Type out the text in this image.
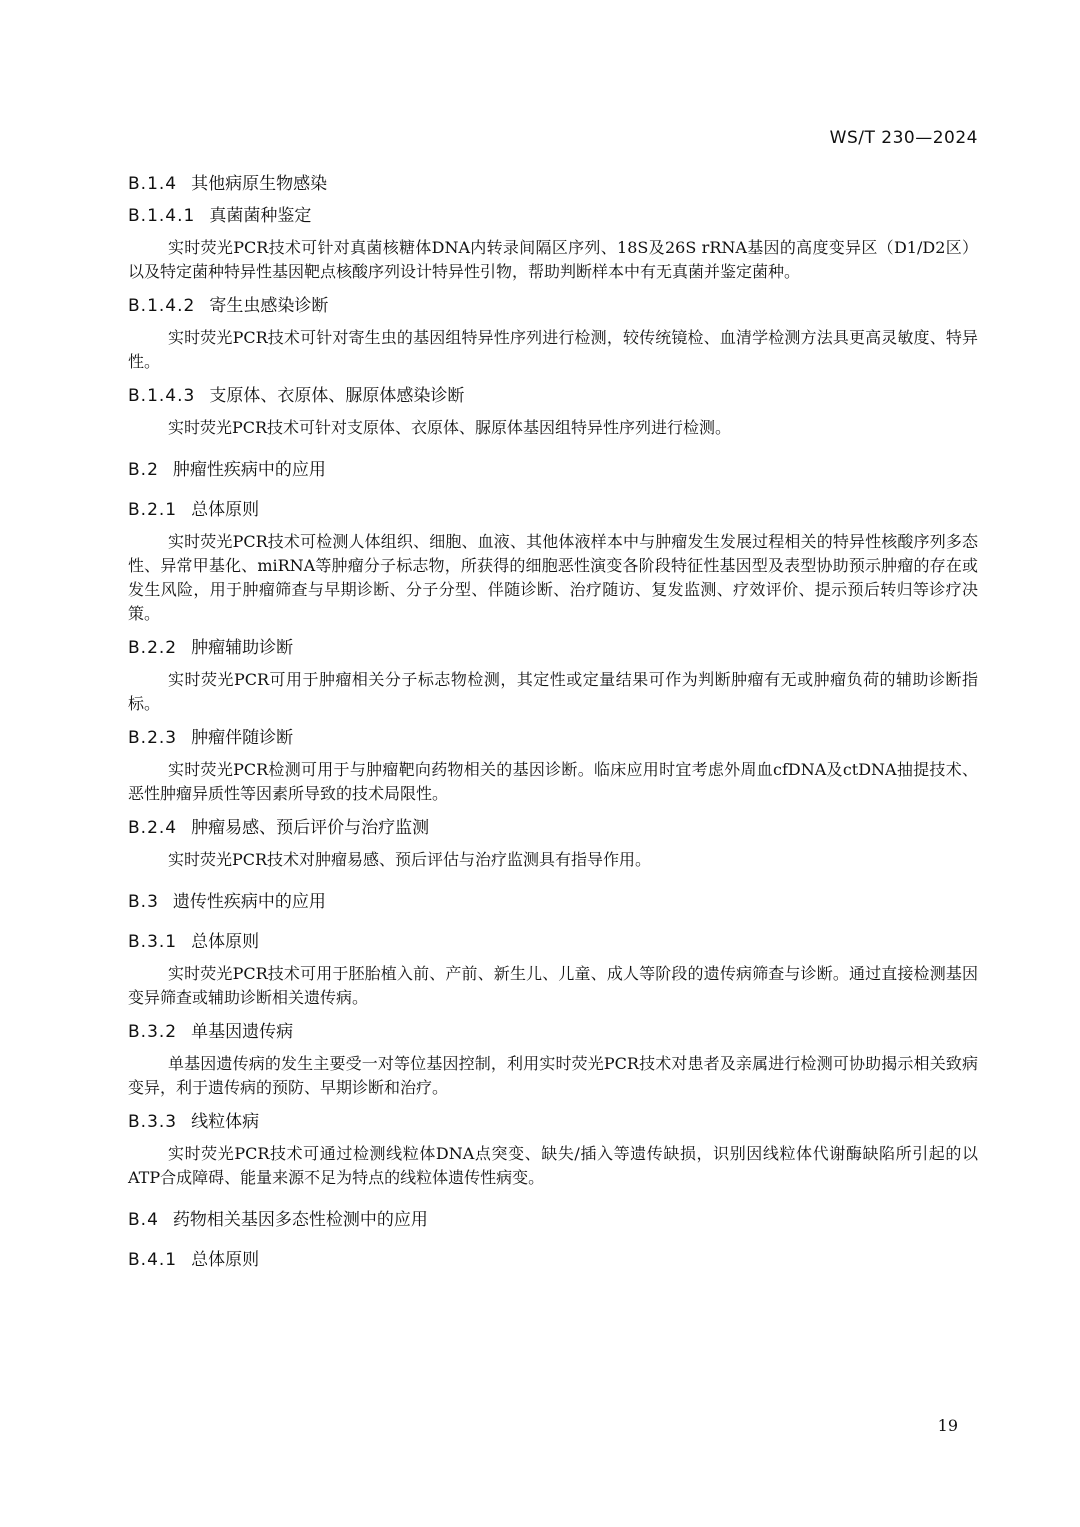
WS/T 230—2024
B.1.4 其他病原生物感染
B.1.4.1 真菌菌种鉴定

实时荧光PCR技术可针对真菌核糖体DNA内转录间隔区序列、18S及26S rRNA基因的高度变异区（D1/D2区）以及特定菌种特异性基因靶点核酸序列设计特异性引物，帮助判断样本中有无真菌并鉴定菌种。

B.1.4.2 寄生虫感染诊断

实时荧光PCR技术可针对寄生虫的基因组特异性序列进行检测，较传统镜检、血清学检测方法具更高灵敏度、特异性。

B.1.4.3 支原体、衣原体、脲原体感染诊断

实时荧光PCR技术可针对支原体、衣原体、脲原体基因组特异性序列进行检测。

B.2 肿瘤性疾病中的应用
B.2.1 总体原则

实时荧光PCR技术可检测人体组织、细胞、血液、其他体液样本中与肿瘤发生发展过程相关的特异性核酸序列多态性、异常甲基化、miRNA等肿瘤分子标志物，所获得的细胞恶性演变各阶段特征性基因型及表型协助预示肿瘤的存在或发生风险，用于肿瘤筛查与早期诊断、分子分型、伴随诊断、治疗随访、复发监测、疗效评价、提示预后转归等诊疗决策。

B.2.2 肿瘤辅助诊断

实时荧光PCR可用于肿瘤相关分子标志物检测，其定性或定量结果可作为判断肿瘤有无或肿瘤负荷的辅助诊断指标。

B.2.3 肿瘤伴随诊断

实时荧光PCR检测可用于与肿瘤靶向药物相关的基因诊断。临床应用时宜考虑外周血cfDNA及ctDNA抽提技术、恶性肿瘤异质性等因素所导致的技术局限性。

B.2.4 肿瘤易感、预后评价与治疗监测

实时荧光PCR技术对肿瘤易感、预后评估与治疗监测具有指导作用。

B.3 遗传性疾病中的应用
B.3.1 总体原则

实时荧光PCR技术可用于胚胎植入前、产前、新生儿、儿童、成人等阶段的遗传病筛查与诊断。通过直接检测基因变异筛查或辅助诊断相关遗传病。

B.3.2 单基因遗传病

单基因遗传病的发生主要受一对等位基因控制，利用实时荧光PCR技术对患者及亲属进行检测可协助揭示相关致病变异，利于遗传病的预防、早期诊断和治疗。

B.3.3 线粒体病

实时荧光PCR技术可通过检测线粒体DNA点突变、缺失/插入等遗传缺损，识别因线粒体代谢酶缺陷所引起的以ATP合成障碍、能量来源不足为特点的线粒体遗传性病变。

B.4 药物相关基因多态性检测中的应用
B.4.1 总体原则
19
